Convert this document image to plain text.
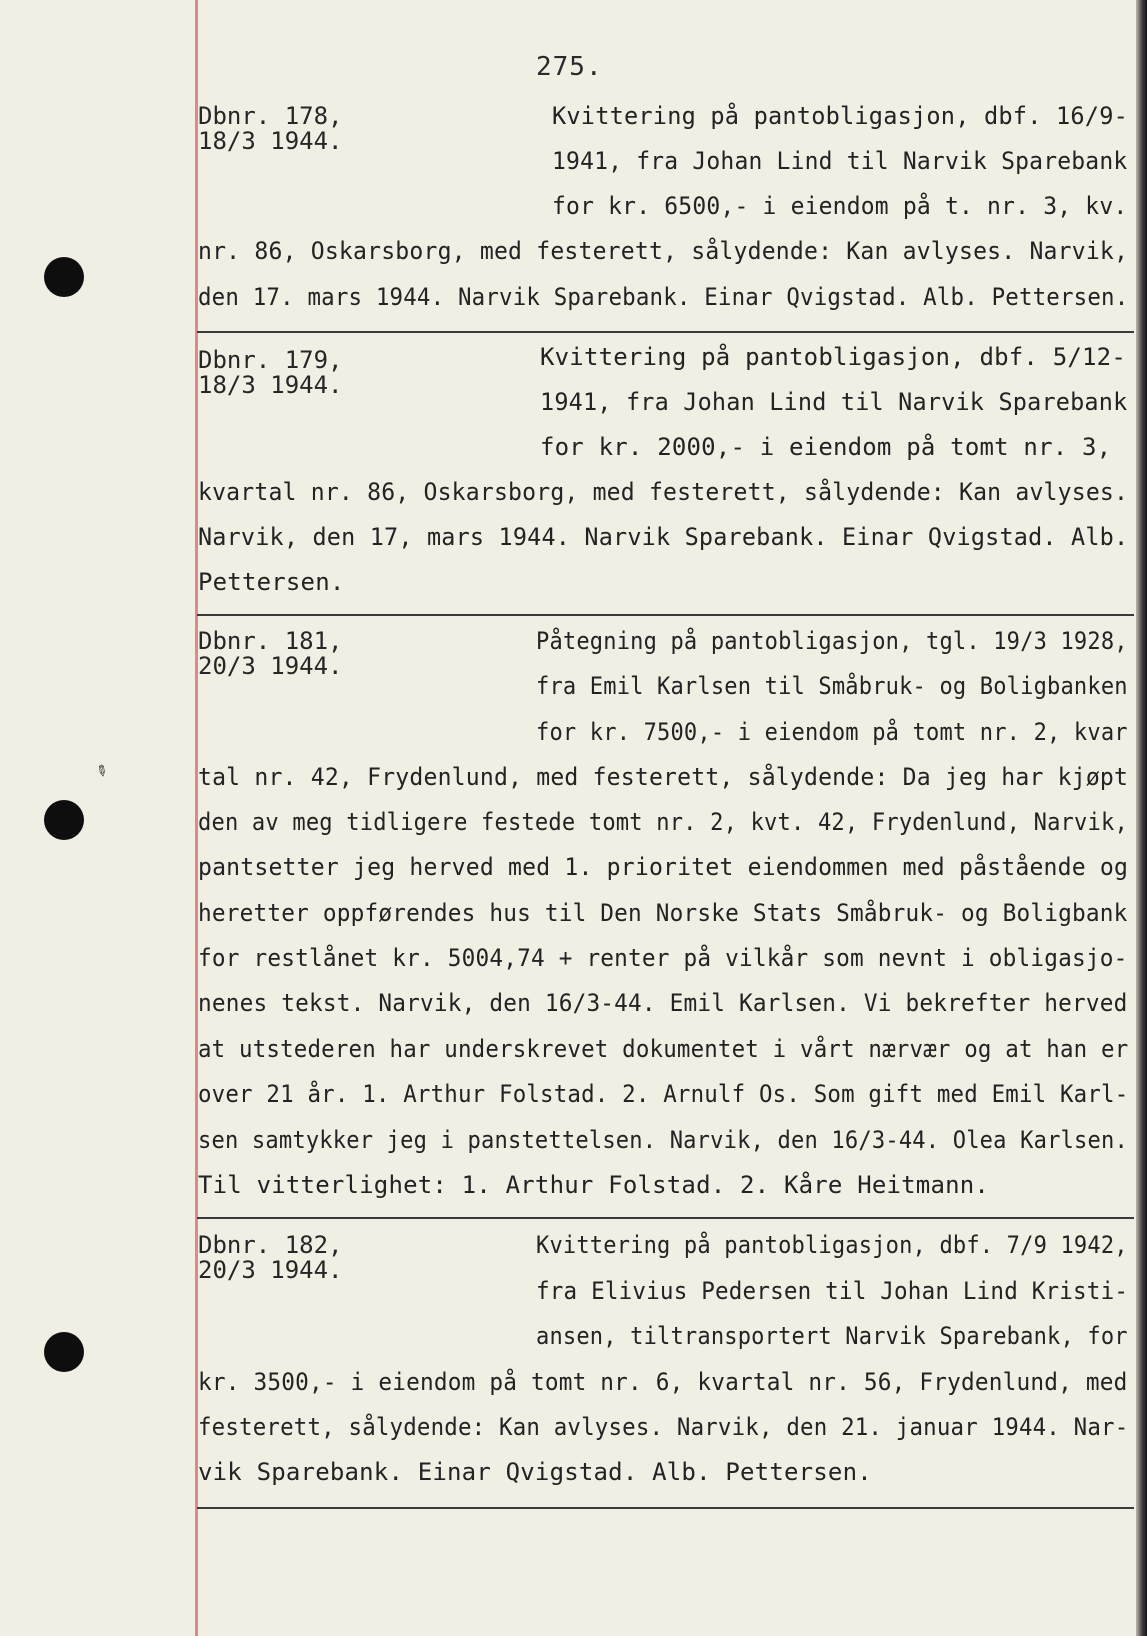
✎
275.
Dbnr. 178,
18/3 1944.
Kvittering på pantobligasjon, dbf. 16/9-
1941, fra Johan Lind til Narvik Sparebank
for kr. 6500,- i eiendom på t. nr. 3, kv.
nr. 86, Oskarsborg, med festerett, sålydende: Kan avlyses. Narvik,
den 17. mars 1944. Narvik Sparebank. Einar Qvigstad. Alb. Pettersen.
Dbnr. 179,
18/3 1944.
Kvittering på pantobligasjon, dbf. 5/12-
1941, fra Johan Lind til Narvik Sparebank
for kr. 2000,- i eiendom på tomt nr. 3,
kvartal nr. 86, Oskarsborg, med festerett, sålydende: Kan avlyses.
Narvik, den 17, mars 1944. Narvik Sparebank. Einar Qvigstad. Alb.
Pettersen.
Dbnr. 181,
20/3 1944.
Påtegning på pantobligasjon, tgl. 19/3 1928,
fra Emil Karlsen til Småbruk- og Boligbanken
for kr. 7500,- i eiendom på tomt nr. 2, kvar
tal nr. 42, Frydenlund, med festerett, sålydende: Da jeg har kjøpt
den av meg tidligere festede tomt nr. 2, kvt. 42, Frydenlund, Narvik,
pantsetter jeg herved med 1. prioritet eiendommen med påstående og
heretter oppførendes hus til Den Norske Stats Småbruk- og Boligbank
for restlånet kr. 5004,74 + renter på vilkår som nevnt i obligasjo-
nenes tekst. Narvik, den 16/3-44. Emil Karlsen. Vi bekrefter herved
at utstederen har underskrevet dokumentet i vårt nærvær og at han er
over 21 år. 1. Arthur Folstad. 2. Arnulf Os. Som gift med Emil Karl-
sen samtykker jeg i panstettelsen. Narvik, den 16/3-44. Olea Karlsen.
Til vitterlighet: 1. Arthur Folstad. 2. Kåre Heitmann.
Dbnr. 182,
20/3 1944.
Kvittering på pantobligasjon, dbf. 7/9 1942,
fra Elivius Pedersen til Johan Lind Kristi-
ansen, tiltransportert Narvik Sparebank, for
kr. 3500,- i eiendom på tomt nr. 6, kvartal nr. 56, Frydenlund, med
festerett, sålydende: Kan avlyses. Narvik, den 21. januar 1944. Nar-
vik Sparebank. Einar Qvigstad. Alb. Pettersen.
